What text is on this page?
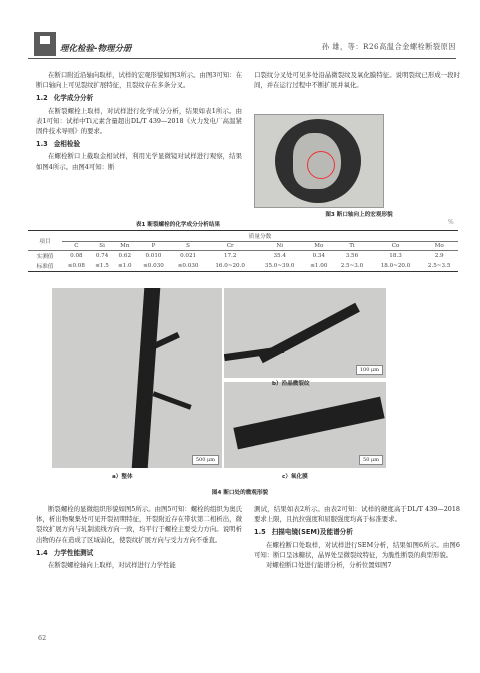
理化检验-物理分册	孙 雄，等：R26高温合金螺栓断裂原因

在断口附近沿轴向取样，试样的宏观形貌如图3所示。由图3可知：在断口轴向上可见裂纹扩展特征，且裂纹存在多条分叉。

1.2 化学成分分析

在断裂螺栓上取样，对试样进行化学成分分析，结果如表1所示。由表1可知：试样中Ti元素含量超出DL/T 439—2018《火力发电厂高温紧固件技术导则》的要求。

1.3 金相检验

在螺栓断口上截取金相试样，利用光学显微镜对试样进行观察，结果如图4所示。由图4可知：断

口裂纹分叉处可见多处沿晶微裂纹及氧化膜特征。说明裂纹已形成一段时间，并在运行过程中不断扩展并氧化。

图3 断口轴向上的宏观形貌
表1 断裂螺栓的化学成分分析结果	%
项目	质量分数										
	C	Si	Mn	P	S	Cr	Ni	Mo	Ti	Co	Mo
实测值	0.08	0.74	0.62	0.010	0.021	17.2	35.4	0.34	3.56	18.3	2.9
标准值	≤0.08	≤1.5	≤1.0	≤0.030	≤0.030	16.0~20.0	35.0~39.0	≤1.00	2.5~3.0	18.0~20.0	2.5~3.5
500 μm
100 μm
50 μm
a）整体
b）沿晶微裂纹
c）氧化膜
图4 断口处的微观形貌

断裂螺栓的显微组织形貌如图5所示。由图5可知：螺栓的组织为奥氏体，析出物聚集处可见开裂初期特征，开裂附近存在带状第二相析出，微裂纹扩展方向与轧制流线方向一致，均平行于螺栓主要受力方向。说明析出物的存在造成了区域弱化，使裂纹扩展方向与受力方向不垂直。

1.4 力学性能测试

在断裂螺栓轴向上取样，对试样进行力学性能

测试，结果如表2所示。由表2可知：试样的硬度高于DL/T 439—2018要求上限，且抗拉强度和屈服强度均高于标准要求。

1.5 扫描电镜(SEM)及能谱分析

在螺栓断口处取样，对试样进行SEM分析，结果如图6所示。由图6可知：断口呈冰糖状，晶界处呈微裂纹特征，为脆性断裂的典型形貌。

对螺栓断口处进行能谱分析，分析位置如图7

62
